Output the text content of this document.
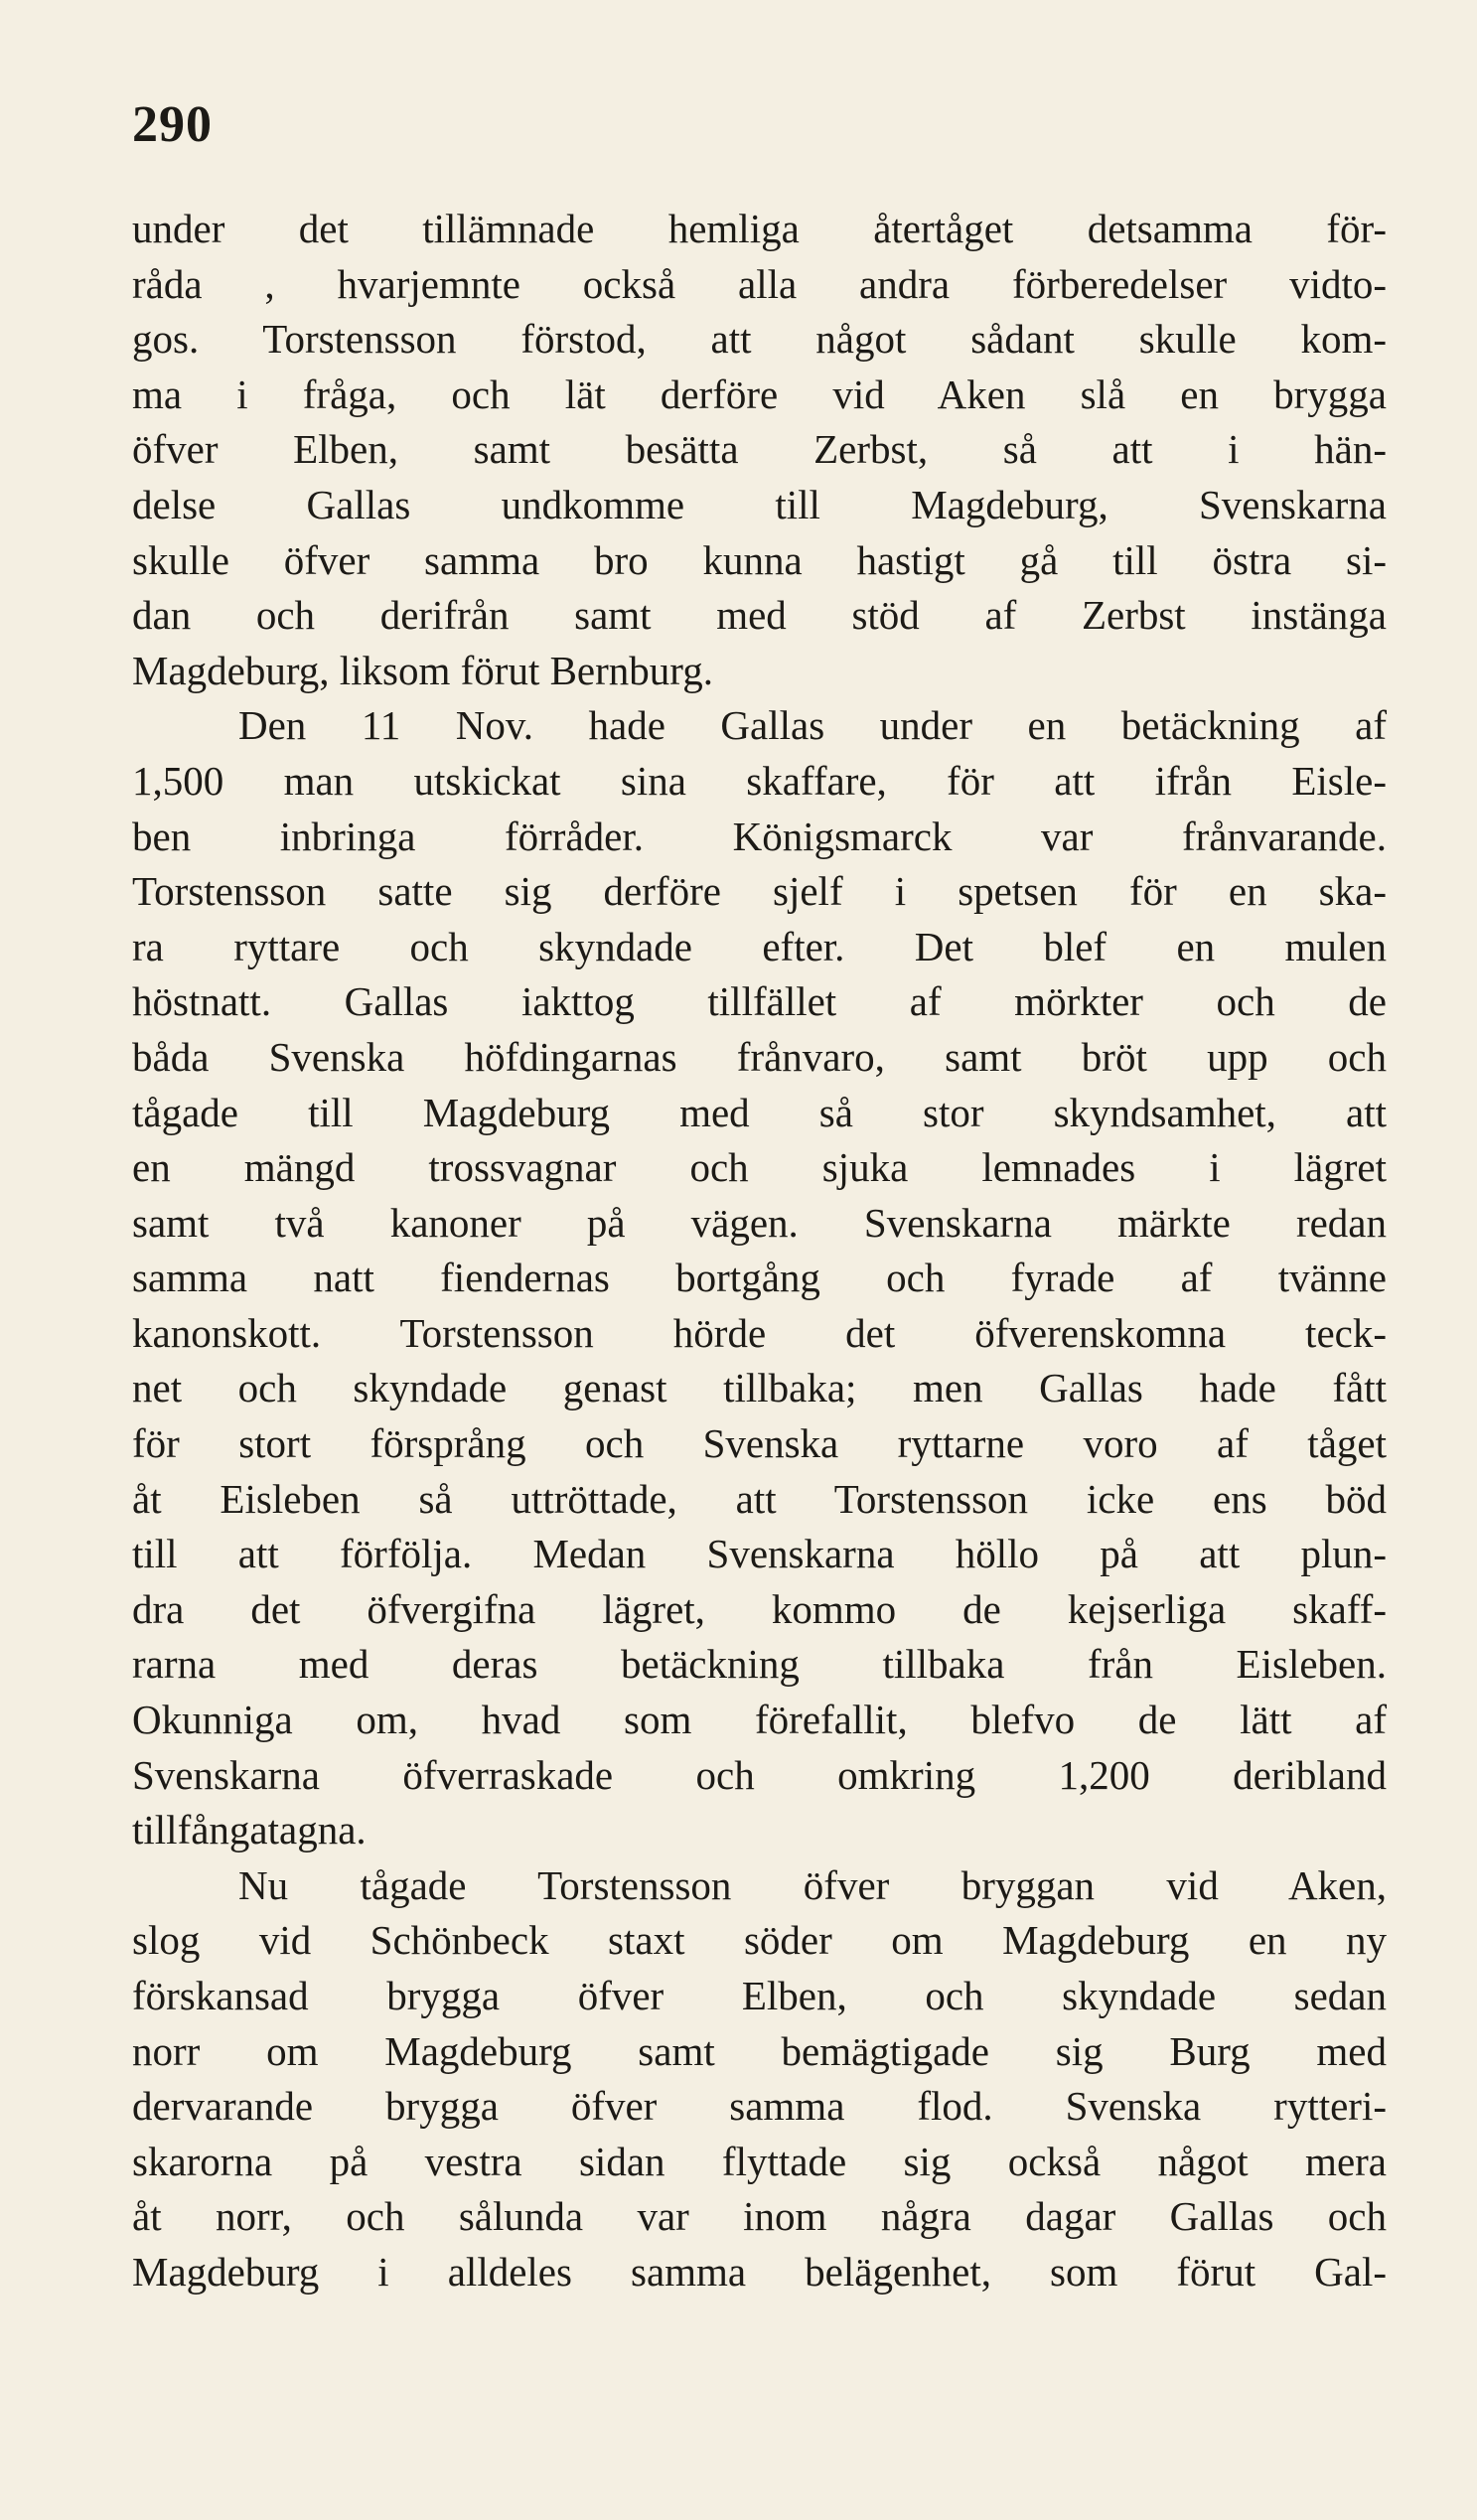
290
under det tillämnade hemliga återtåget detsamma för-
råda , hvarjemnte också alla andra förberedelser vidto-
gos. Torstensson förstod, att något sådant skulle kom-
ma i fråga, och lät derföre vid Aken slå en brygga
öfver Elben, samt besätta Zerbst, så att i hän-
delse Gallas undkomme till Magdeburg, Svenskarna
skulle öfver samma bro kunna hastigt gå till östra si-
dan och derifrån samt med stöd af Zerbst instänga
Magdeburg, liksom förut Bernburg.
Den 11 Nov. hade Gallas under en betäckning af
1,500 man utskickat sina skaffare, för att ifrån Eisle-
ben inbringa förråder. Königsmarck var frånvarande.
Torstensson satte sig derföre sjelf i spetsen för en ska-
ra ryttare och skyndade efter. Det blef en mulen
höstnatt. Gallas iakttog tillfället af mörkter och de
båda Svenska höfdingarnas frånvaro, samt bröt upp och
tågade till Magdeburg med så stor skyndsamhet, att
en mängd trossvagnar och sjuka lemnades i lägret
samt två kanoner på vägen. Svenskarna märkte redan
samma natt fiendernas bortgång och fyrade af tvänne
kanonskott. Torstensson hörde det öfverenskomna teck-
net och skyndade genast tillbaka; men Gallas hade fått
för stort försprång och Svenska ryttarne voro af tåget
åt Eisleben så uttröttade, att Torstensson icke ens böd
till att förfölja. Medan Svenskarna höllo på att plun-
dra det öfvergifna lägret, kommo de kejserliga skaff-
rarna med deras betäckning tillbaka från Eisleben.
Okunniga om, hvad som förefallit, blefvo de lätt af
Svenskarna öfverraskade och omkring 1,200 deribland
tillfångatagna.
Nu tågade Torstensson öfver bryggan vid Aken,
slog vid Schönbeck staxt söder om Magdeburg en ny
förskansad brygga öfver Elben, och skyndade sedan
norr om Magdeburg samt bemägtigade sig Burg med
dervarande brygga öfver samma flod. Svenska rytteri-
skarorna på vestra sidan flyttade sig också något mera
åt norr, och sålunda var inom några dagar Gallas och
Magdeburg i alldeles samma belägenhet, som förut Gal-
